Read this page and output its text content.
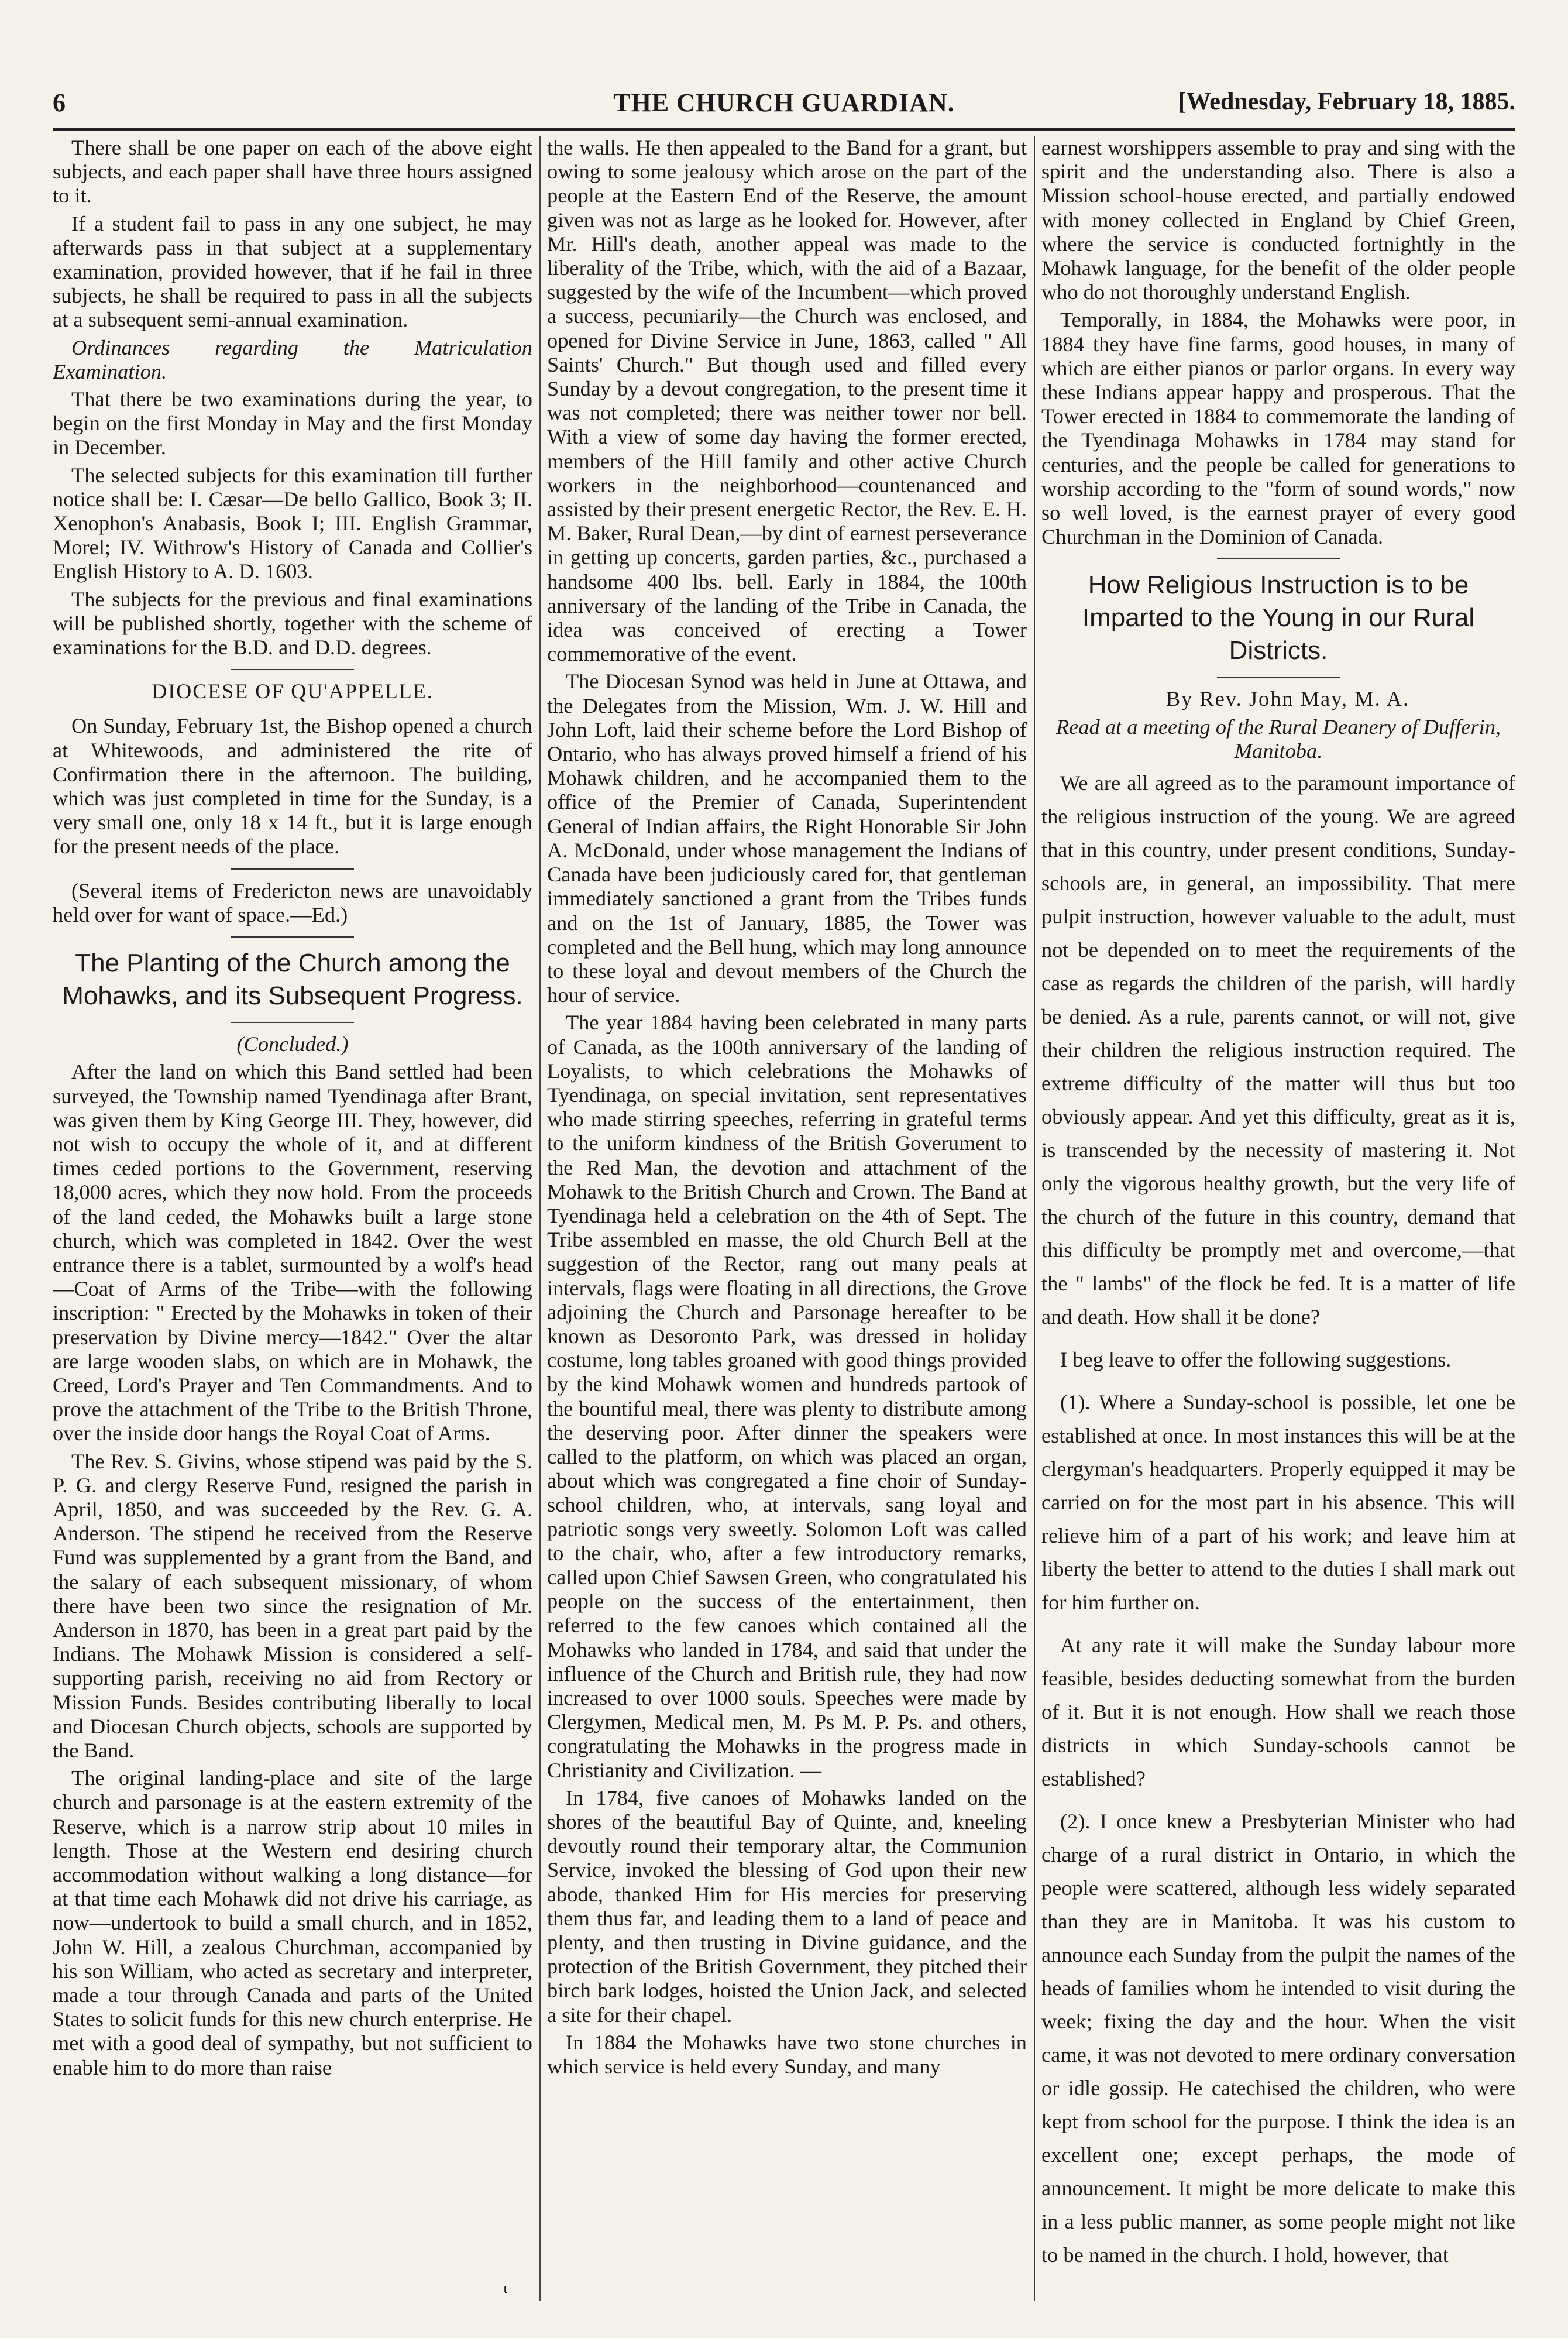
6	THE CHURCH GUARDIAN.	[Wednesday, February 18, 1885.

There shall be one paper on each of the above eight subjects, and each paper shall have three hours assigned to it.

If a student fail to pass in any one subject, he may afterwards pass in that subject at a supplementary examination, provided however, that if he fail in three subjects, he shall be required to pass in all the subjects at a subsequent semi-annual examination.

Ordinances regarding the Matriculation Examination.

That there be two examinations during the year, to begin on the first Monday in May and the first Monday in December.

The selected subjects for this examination till further notice shall be: I. Cæsar—De bello Gallico, Book 3; II. Xenophon's Anabasis, Book I; III. English Grammar, Morel; IV. Withrow's History of Canada and Collier's English History to A. D. 1603.

The subjects for the previous and final examinations will be published shortly, together with the scheme of examinations for the B.D. and D.D. degrees.

DIOCESE OF QU'APPELLE.

On Sunday, February 1st, the Bishop opened a church at Whitewoods, and administered the rite of Confirmation there in the afternoon. The building, which was just completed in time for the Sunday, is a very small one, only 18 x 14 ft., but it is large enough for the present needs of the place.

(Several items of Fredericton news are unavoidably held over for want of space.—Ed.)

The Planting of the Church among the Mohawks, and its Subsequent Progress.

(Concluded.)

After the land on which this Band settled had been surveyed, the Township named Tyendinaga after Brant, was given them by King George III. They, however, did not wish to occupy the whole of it, and at different times ceded portions to the Government, reserving 18,000 acres, which they now hold. From the proceeds of the land ceded, the Mohawks built a large stone church, which was completed in 1842. Over the west entrance there is a tablet, surmounted by a wolf's head—Coat of Arms of the Tribe—with the following inscription: " Erected by the Mohawks in token of their preservation by Divine mercy—1842." Over the altar are large wooden slabs, on which are in Mohawk, the Creed, Lord's Prayer and Ten Commandments. And to prove the attachment of the Tribe to the British Throne, over the inside door hangs the Royal Coat of Arms.

The Rev. S. Givins, whose stipend was paid by the S. P. G. and clergy Reserve Fund, resigned the parish in April, 1850, and was succeeded by the Rev. G. A. Anderson. The stipend he received from the Reserve Fund was supplemented by a grant from the Band, and the salary of each subsequent missionary, of whom there have been two since the resignation of Mr. Anderson in 1870, has been in a great part paid by the Indians. The Mohawk Mission is considered a self-supporting parish, receiving no aid from Rectory or Mission Funds. Besides contributing liberally to local and Diocesan Church objects, schools are supported by the Band.

The original landing-place and site of the large church and parsonage is at the eastern extremity of the Reserve, which is a narrow strip about 10 miles in length. Those at the Western end desiring church accommodation without walking a long distance—for at that time each Mohawk did not drive his carriage, as now—undertook to build a small church, and in 1852, John W. Hill, a zealous Churchman, accompanied by his son William, who acted as secretary and interpreter, made a tour through Canada and parts of the United States to solicit funds for this new church enterprise. He met with a good deal of sympathy, but not sufficient to enable him to do more than raise

the walls. He then appealed to the Band for a grant, but owing to some jealousy which arose on the part of the people at the Eastern End of the Reserve, the amount given was not as large as he looked for. However, after Mr. Hill's death, another appeal was made to the liberality of the Tribe, which, with the aid of a Bazaar, suggested by the wife of the Incumbent—which proved a success, pecuniarily—the Church was enclosed, and opened for Divine Service in June, 1863, called " All Saints' Church." But though used and filled every Sunday by a devout congregation, to the present time it was not completed; there was neither tower nor bell. With a view of some day having the former erected, members of the Hill family and other active Church workers in the neighborhood—countenanced and assisted by their present energetic Rector, the Rev. E. H. M. Baker, Rural Dean,—by dint of earnest perseverance in getting up concerts, garden parties, &c., purchased a handsome 400 lbs. bell. Early in 1884, the 100th anniversary of the landing of the Tribe in Canada, the idea was conceived of erecting a Tower commemorative of the event.

The Diocesan Synod was held in June at Ottawa, and the Delegates from the Mission, Wm. J. W. Hill and John Loft, laid their scheme before the Lord Bishop of Ontario, who has always proved himself a friend of his Mohawk children, and he accompanied them to the office of the Premier of Canada, Superintendent General of Indian affairs, the Right Honorable Sir John A. McDonald, under whose management the Indians of Canada have been judiciously cared for, that gentleman immediately sanctioned a grant from the Tribes funds and on the 1st of January, 1885, the Tower was completed and the Bell hung, which may long announce to these loyal and devout members of the Church the hour of service.

The year 1884 having been celebrated in many parts of Canada, as the 100th anniversary of the landing of Loyalists, to which celebrations the Mohawks of Tyendinaga, on special invitation, sent representatives who made stirring speeches, referring in grateful terms to the uniform kindness of the British Goverument to the Red Man, the devotion and attachment of the Mohawk to the British Church and Crown. The Band at Tyendinaga held a celebration on the 4th of Sept. The Tribe assembled en masse, the old Church Bell at the suggestion of the Rector, rang out many peals at intervals, flags were floating in all directions, the Grove adjoining the Church and Parsonage hereafter to be known as Desoronto Park, was dressed in holiday costume, long tables groaned with good things provided by the kind Mohawk women and hundreds partook of the bountiful meal, there was plenty to distribute among the deserving poor. After dinner the speakers were called to the platform, on which was placed an organ, about which was congregated a fine choir of Sunday-school children, who, at intervals, sang loyal and patriotic songs very sweetly. Solomon Loft was called to the chair, who, after a few introductory remarks, called upon Chief Sawsen Green, who congratulated his people on the success of the entertainment, then referred to the few canoes which contained all the Mohawks who landed in 1784, and said that under the influence of the Church and British rule, they had now increased to over 1000 souls. Speeches were made by Clergymen, Medical men, M. Ps M. P. Ps. and others, congratulating the Mohawks in the progress made in Christianity and Civilization. —

In 1784, five canoes of Mohawks landed on the shores of the beautiful Bay of Quinte, and, kneeling devoutly round their temporary altar, the Communion Service, invoked the blessing of God upon their new abode, thanked Him for His mercies for preserving them thus far, and leading them to a land of peace and plenty, and then trusting in Divine guidance, and the protection of the British Government, they pitched their birch bark lodges, hoisted the Union Jack, and selected a site for their chapel.

In 1884 the Mohawks have two stone churches in which service is held every Sunday, and many

earnest worshippers assemble to pray and sing with the spirit and the understanding also. There is also a Mission school-house erected, and partially endowed with money collected in England by Chief Green, where the service is conducted fortnightly in the Mohawk language, for the benefit of the older people who do not thoroughly understand English.

Temporally, in 1884, the Mohawks were poor, in 1884 they have fine farms, good houses, in many of which are either pianos or parlor organs. In every way these Indians appear happy and prosperous. That the Tower erected in 1884 to commemorate the landing of the Tyendinaga Mohawks in 1784 may stand for centuries, and the people be called for generations to worship according to the "form of sound words," now so well loved, is the earnest prayer of every good Churchman in the Dominion of Canada.

How Religious Instruction is to be Imparted to the Young in our Rural Districts.

By Rev. John May, M. A.

Read at a meeting of the Rural Deanery of Dufferin, Manitoba.

We are all agreed as to the paramount importance of the religious instruction of the young. We are agreed that in this country, under present conditions, Sunday-schools are, in general, an impossibility. That mere pulpit instruction, however valuable to the adult, must not be depended on to meet the requirements of the case as regards the children of the parish, will hardly be denied. As a rule, parents cannot, or will not, give their children the religious instruction required. The extreme difficulty of the matter will thus but too obviously appear. And yet this difficulty, great as it is, is transcended by the necessity of mastering it. Not only the vigorous healthy growth, but the very life of the church of the future in this country, demand that this difficulty be promptly met and overcome,—that the " lambs" of the flock be fed. It is a matter of life and death. How shall it be done?

I beg leave to offer the following suggestions.

(1). Where a Sunday-school is possible, let one be established at once. In most instances this will be at the clergyman's headquarters. Properly equipped it may be carried on for the most part in his absence. This will relieve him of a part of his work; and leave him at liberty the better to attend to the duties I shall mark out for him further on.

At any rate it will make the Sunday labour more feasible, besides deducting somewhat from the burden of it. But it is not enough. How shall we reach those districts in which Sunday-schools cannot be established?

(2). I once knew a Presbyterian Minister who had charge of a rural district in Ontario, in which the people were scattered, although less widely separated than they are in Manitoba. It was his custom to announce each Sunday from the pulpit the names of the heads of families whom he intended to visit during the week; fixing the day and the hour. When the visit came, it was not devoted to mere ordinary conversation or idle gossip. He catechised the children, who were kept from school for the purpose. I think the idea is an excellent one; except perhaps, the mode of announcement. It might be more delicate to make this in a less public manner, as some people might not like to be named in the church. I hold, however, that

ɩ
